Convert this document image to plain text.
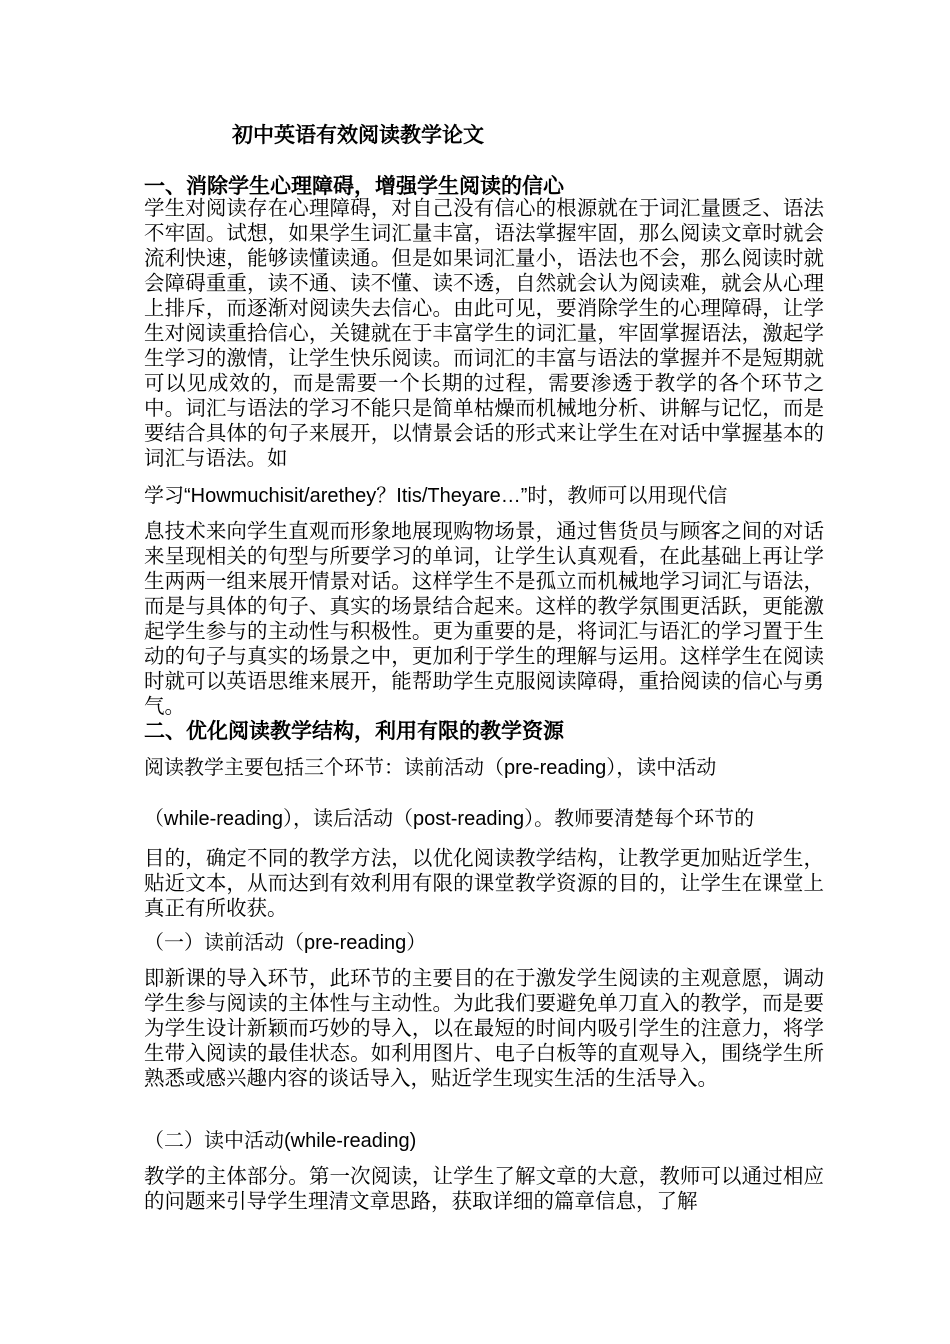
初中英语有效阅读教学论文
一、消除学生心理障碍，增强学生阅读的信心

学生对阅读存在心理障碍，对自己没有信心的根源就在于词汇量匮乏、语法不牢固。试想，如果学生词汇量丰富，语法掌握牢固，那么阅读文章时就会流利快速，能够读懂读通。但是如果词汇量小，语法也不会，那么阅读时就会障碍重重，读不通、读不懂、读不透，自然就会认为阅读难，就会从心理上排斥，而逐渐对阅读失去信心。由此可见，要消除学生的心理障碍，让学生对阅读重拾信心，关键就在于丰富学生的词汇量，牢固掌握语法，激起学生学习的激情，让学生快乐阅读。而词汇的丰富与语法的掌握并不是短期就可以见成效的，而是需要一个长期的过程，需要渗透于教学的各个环节之中。词汇与语法的学习不能只是简单枯燥而机械地分析、讲解与记忆，而是要结合具体的句子来展开，以情景会话的形式来让学生在对话中掌握基本的词汇与语法。如

学习“Howmuchisit/arethey？Itis/Theyare…”时，教师可以用现代信

息技术来向学生直观而形象地展现购物场景，通过售货员与顾客之间的对话来呈现相关的句型与所要学习的单词，让学生认真观看，在此基础上再让学生两两一组来展开情景对话。这样学生不是孤立而机械地学习词汇与语法，而是与具体的句子、真实的场景结合起来。这样的教学氛围更活跃，更能激起学生参与的主动性与积极性。更为重要的是，将词汇与语汇的学习置于生动的句子与真实的场景之中，更加利于学生的理解与运用。这样学生在阅读时就可以英语思维来展开，能帮助学生克服阅读障碍，重拾阅读的信心与勇气。

二、优化阅读教学结构，利用有限的教学资源
阅读教学主要包括三个环节：读前活动（pre-reading），读中活动
（while-reading），读后活动（post-reading）。教师要清楚每个环节的

目的，确定不同的教学方法，以优化阅读教学结构，让教学更加贴近学生，贴近文本，从而达到有效利用有限的课堂教学资源的目的，让学生在课堂上真正有所收获。

（一）读前活动（pre-reading）

即新课的导入环节，此环节的主要目的在于激发学生阅读的主观意愿，调动学生参与阅读的主体性与主动性。为此我们要避免单刀直入的教学，而是要为学生设计新颖而巧妙的导入，以在最短的时间内吸引学生的注意力，将学生带入阅读的最佳状态。如利用图片、电子白板等的直观导入，围绕学生所熟悉或感兴趣内容的谈话导入，贴近学生现实生活的生活导入。

（二）读中活动(while-reading)

教学的主体部分。第一次阅读，让学生了解文章的大意，教师可以通过相应的问题来引导学生理清文章思路，获取详细的篇章信息，了解
